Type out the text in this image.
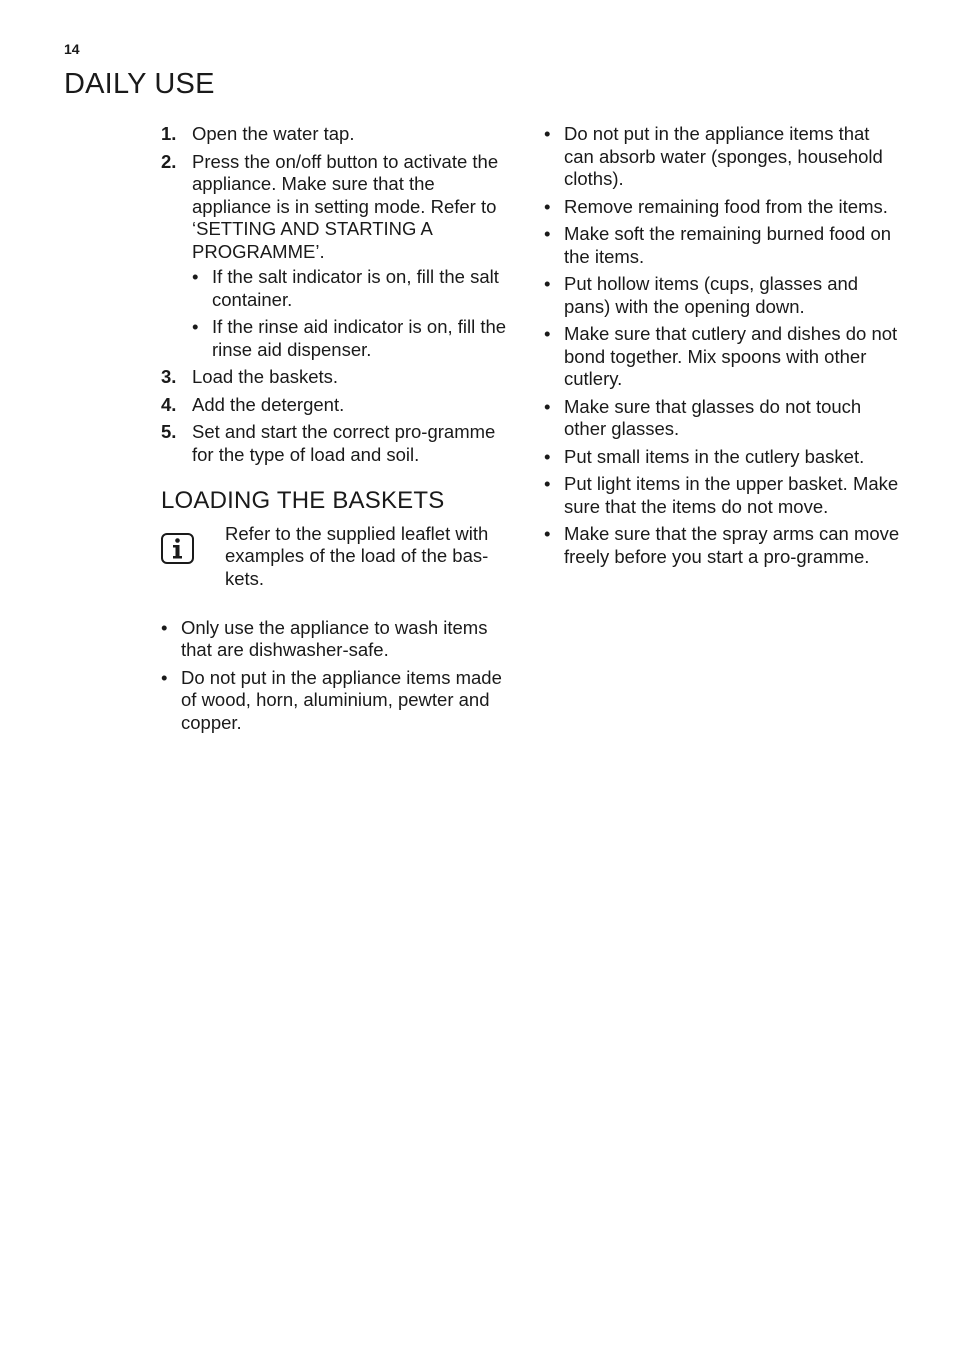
14
DAILY USE
1. Open the water tap.
2. Press the on/off button to activate the appliance. Make sure that the appliance is in setting mode. Refer to ‘SETTING AND STARTING A PROGRAMME’.
• If the salt indicator is on, fill the salt container.
• If the rinse aid indicator is on, fill the rinse aid dispenser.
3. Load the baskets.
4. Add the detergent.
5. Set and start the correct pro-gramme for the type of load and soil.
LOADING THE BASKETS
Refer to the supplied leaflet with examples of the load of the bas-kets.
• Only use the appliance to wash items that are dishwasher-safe.
• Do not put in the appliance items made of wood, horn, aluminium, pewter and copper.
• Do not put in the appliance items that can absorb water (sponges, household cloths).
• Remove remaining food from the items.
• Make soft the remaining burned food on the items.
• Put hollow items (cups, glasses and pans) with the opening down.
• Make sure that cutlery and dishes do not bond together. Mix spoons with other cutlery.
• Make sure that glasses do not touch other glasses.
• Put small items in the cutlery basket.
• Put light items in the upper basket. Make sure that the items do not move.
• Make sure that the spray arms can move freely before you start a pro-gramme.
